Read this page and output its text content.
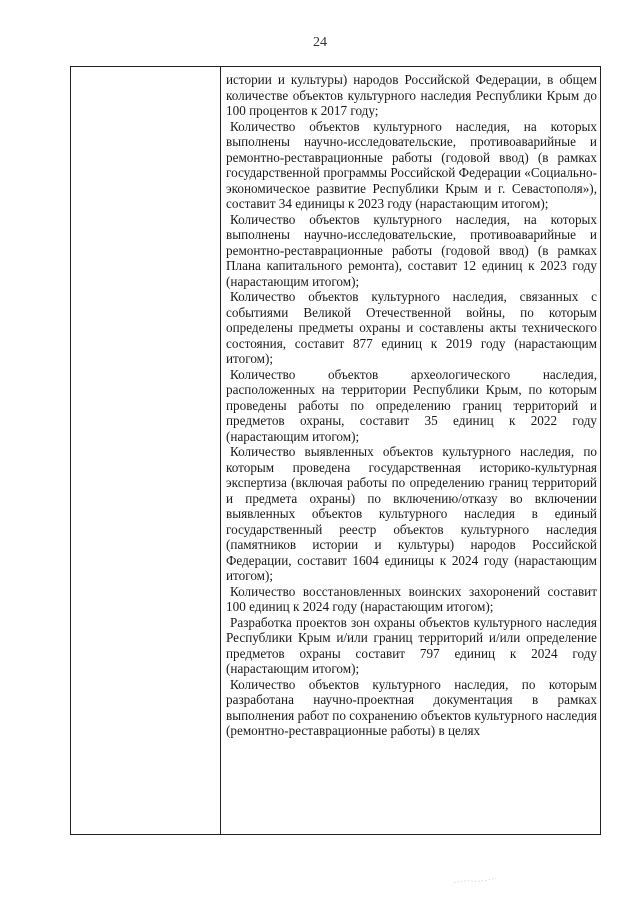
24

истории и культуры) народов Российской Федерации, в общем количестве объектов культурного наследия Республики Крым до 100 процентов к 2017 году;

Количество объектов культурного наследия, на которых выполнены научно-исследовательские, противоаварийные и ремонтно-реставрационные работы (годовой ввод) (в рамках государственной программы Российской Федерации «Социально-экономическое развитие Республики Крым и г. Севастополя»), составит 34 единицы к 2023 году (нарастающим итогом);

Количество объектов культурного наследия, на которых выполнены научно-исследовательские, противоаварийные и ремонтно-реставрационные работы (годовой ввод) (в рамках Плана капитального ремонта), составит 12 единиц к 2023 году (нарастающим итогом);

Количество объектов культурного наследия, связанных с событиями Великой Отечественной войны, по которым определены предметы охраны и составлены акты технического состояния, составит 877 единиц к 2019 году (нарастающим итогом);

Количество объектов археологического наследия, расположенных на территории Республики Крым, по которым проведены работы по определению границ территорий и предметов охраны, составит 35 единиц к 2022 году (нарастающим итогом);

Количество выявленных объектов культурного наследия, по которым проведена государственная историко-культурная экспертиза (включая работы по определению границ территорий и предмета охраны) по включению/отказу во включении выявленных объектов культурного наследия в единый государственный реестр объектов культурного наследия (памятников истории и культуры) народов Российской Федерации, составит 1604 единицы к 2024 году (нарастающим итогом);

Количество восстановленных воинских захоронений составит 100 единиц к 2024 году (нарастающим итогом);

Разработка проектов зон охраны объектов культурного наследия Республики Крым и/или границ территорий и/или определение предметов охраны составит 797 единиц к 2024 году (нарастающим итогом);

Количество объектов культурного наследия, по которым разработана научно-проектная документация в рамках выполнения работ по сохранению объектов культурного наследия (ремонтно-реставрационные работы) в целях
